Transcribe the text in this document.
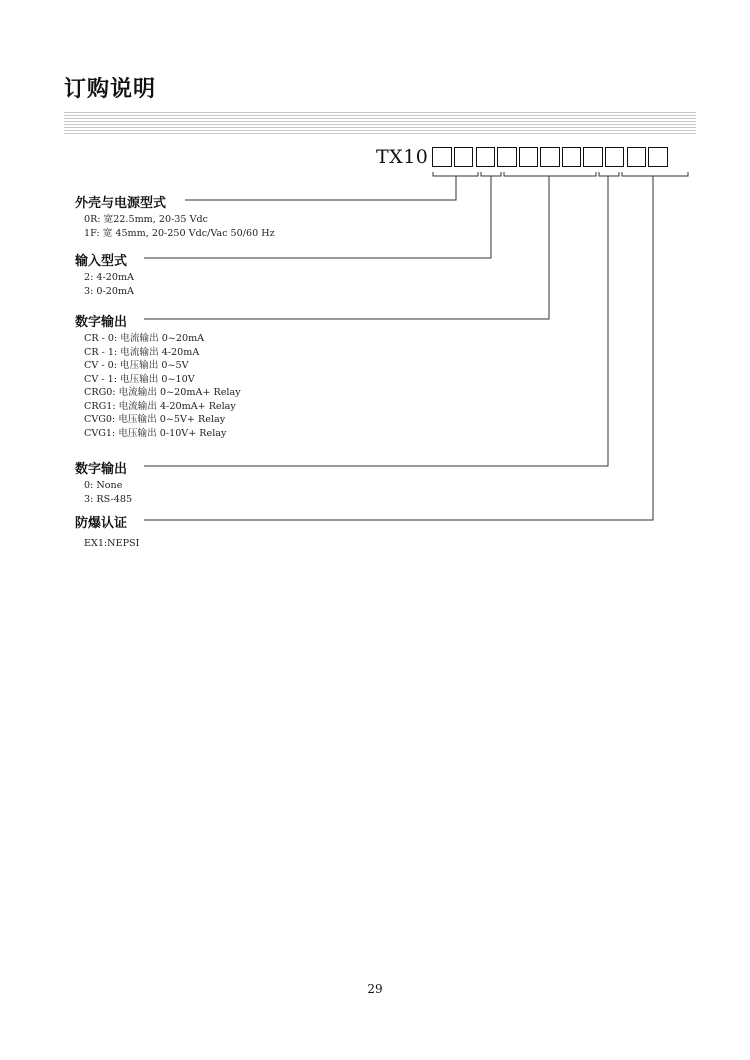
订购说明
TX10
外壳与电源型式
0R: 宽22.5mm, 20-35 Vdc
1F: 宽 45mm, 20-250 Vdc/Vac 50/60 Hz
输入型式
2: 4-20mA
3: 0-20mA
数字输出
CR - 0: 电流输出 0~20mA
CR - 1: 电流输出 4-20mA
CV - 0: 电压输出 0~5V
CV - 1: 电压输出 0~10V
CRG0: 电流输出 0~20mA+ Relay
CRG1: 电流输出 4-20mA+ Relay
CVG0: 电压输出 0~5V+ Relay
CVG1: 电压输出 0-10V+ Relay
数字输出
0: None
3: RS-485
防爆认证
EX1:NEPSI
29
